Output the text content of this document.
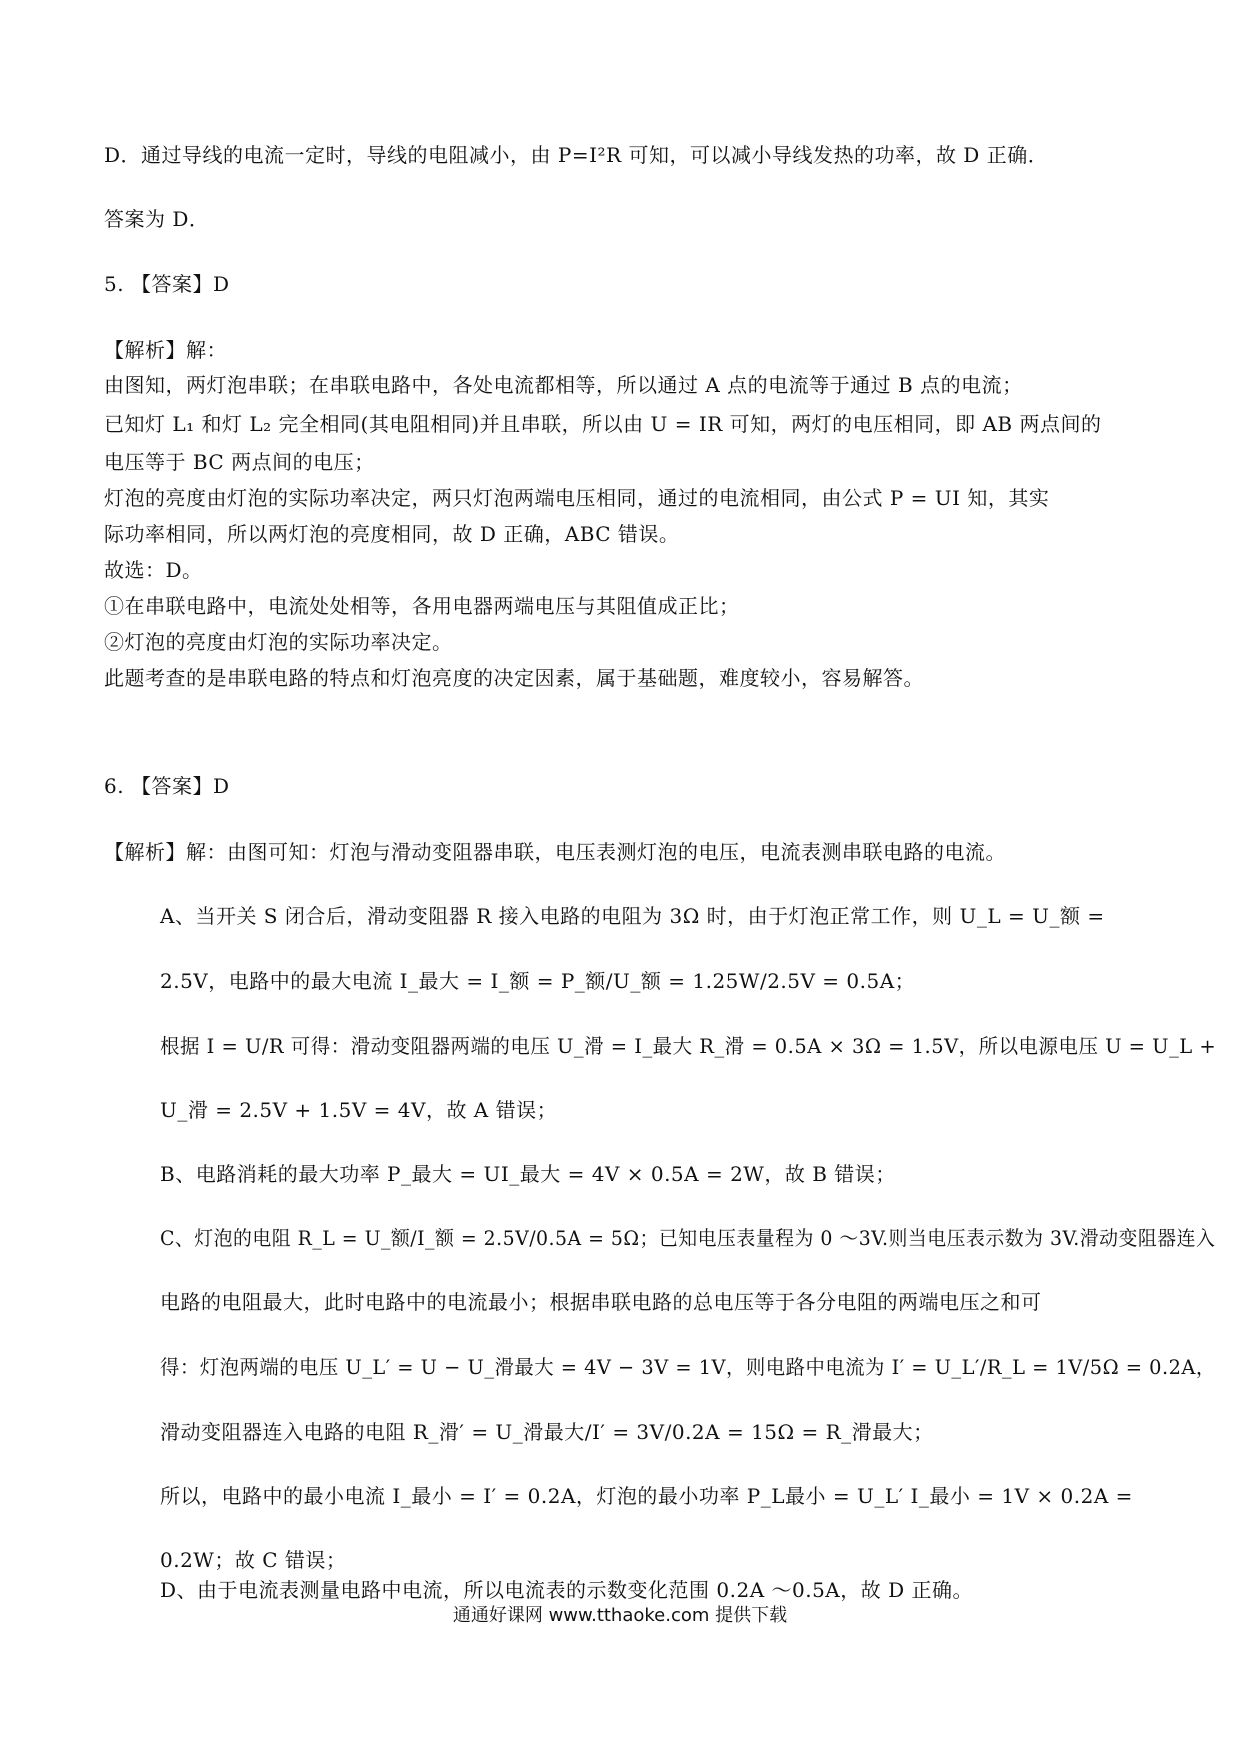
D．通过导线的电流一定时，导线的电阻减小，由 P=I²R 可知，可以减小导线发热的功率，故 D 正确．
答案为 D．
5. 【答案】D
【解析】解：
由图知，两灯泡串联；在串联电路中，各处电流都相等，所以通过 A 点的电流等于通过 B 点的电流；
已知灯 L₁ 和灯 L₂ 完全相同(其电阻相同)并且串联，所以由 U = IR 可知，两灯的电压相同，即 AB 两点间的
电压等于 BC 两点间的电压；
灯泡的亮度由灯泡的实际功率决定，两只灯泡两端电压相同，通过的电流相同，由公式 P = UI 知，其实
际功率相同，所以两灯泡的亮度相同，故 D 正确，ABC 错误。
故选：D。
①在串联电路中，电流处处相等，各用电器两端电压与其阻值成正比；
②灯泡的亮度由灯泡的实际功率决定。
此题考查的是串联电路的特点和灯泡亮度的决定因素，属于基础题，难度较小，容易解答。
6. 【答案】D
【解析】解：由图可知：灯泡与滑动变阻器串联，电压表测灯泡的电压，电流表测串联电路的电流。
A、当开关 S 闭合后，滑动变阻器 R 接入电路的电阻为 3Ω 时，由于灯泡正常工作，则 U_L = U_额 =
2.5V，电路中的最大电流 I_最大 = I_额 = P_额/U_额 = 1.25W/2.5V = 0.5A；
根据 I = U/R 可得：滑动变阻器两端的电压 U_滑 = I_最大 R_滑 = 0.5A × 3Ω = 1.5V，所以电源电压 U = U_L +
U_滑 = 2.5V + 1.5V = 4V，故 A 错误；
B、电路消耗的最大功率 P_最大 = UI_最大 = 4V × 0.5A = 2W，故 B 错误；
C、灯泡的电阻 R_L = U_额/I_额 = 2.5V/0.5A = 5Ω；已知电压表量程为 0 ～3V.则当电压表示数为 3V.滑动变阻器连入
电路的电阻最大，此时电路中的电流最小；根据串联电路的总电压等于各分电阻的两端电压之和可
得：灯泡两端的电压 U_L′ = U − U_滑最大 = 4V − 3V = 1V，则电路中电流为 I′ = U_L′/R_L = 1V/5Ω = 0.2A，
滑动变阻器连入电路的电阻 R_滑′ = U_滑最大/I′ = 3V/0.2A = 15Ω = R_滑最大；
所以，电路中的最小电流 I_最小 = I′ = 0.2A，灯泡的最小功率 P_L最小 = U_L′ I_最小 = 1V × 0.2A =
0.2W；故 C 错误；
D、由于电流表测量电路中电流，所以电流表的示数变化范围 0.2A ～0.5A，故 D 正确。
通通好课网 www.tthaoke.com 提供下载
